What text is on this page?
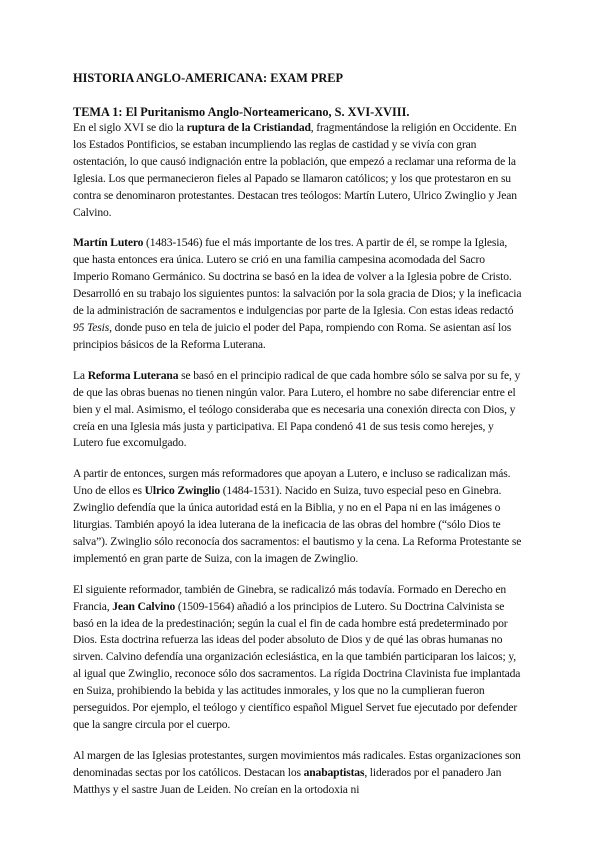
HISTORIA ANGLO-AMERICANA: EXAM PREP
TEMA 1: El Puritanismo Anglo-Norteamericano, S. XVI-XVIII.

En el siglo XVI se dio la ruptura de la Cristiandad, fragmentándose la religión en Occidente. En los Estados Pontificios, se estaban incumpliendo las reglas de castidad y se vivía con gran ostentación, lo que causó indignación entre la población, que empezó a reclamar una reforma de la Iglesia. Los que permanecieron fieles al Papado se llamaron católicos; y los que protestaron en su contra se denominaron protestantes. Destacan tres teólogos: Martín Lutero, Ulrico Zwinglio y Jean Calvino.

Martín Lutero (1483-1546) fue el más importante de los tres. A partir de él, se rompe la Iglesia, que hasta entonces era única. Lutero se crió en una familia campesina acomodada del Sacro Imperio Romano Germánico. Su doctrina se basó en la idea de volver a la Iglesia pobre de Cristo. Desarrolló en su trabajo los siguientes puntos: la salvación por la sola gracia de Dios; y la ineficacia de la administración de sacramentos e indulgencias por parte de la Iglesia. Con estas ideas redactó 95 Tesis, donde puso en tela de juicio el poder del Papa, rompiendo con Roma. Se asientan así los principios básicos de la Reforma Luterana.

La Reforma Luterana se basó en el principio radical de que cada hombre sólo se salva por su fe, y de que las obras buenas no tienen ningún valor. Para Lutero, el hombre no sabe diferenciar entre el bien y el mal. Asimismo, el teólogo consideraba que es necesaria una conexión directa con Dios, y creía en una Iglesia más justa y participativa. El Papa condenó 41 de sus tesis como herejes, y Lutero fue excomulgado.

A partir de entonces, surgen más reformadores que apoyan a Lutero, e incluso se radicalizan más. Uno de ellos es Ulrico Zwinglio (1484-1531). Nacido en Suiza, tuvo especial peso en Ginebra. Zwinglio defendía que la única autoridad está en la Biblia, y no en el Papa ni en las imágenes o liturgias. También apoyó la idea luterana de la ineficacia de las obras del hombre (“sólo Dios te salva”). Zwinglio sólo reconocía dos sacramentos: el bautismo y la cena. La Reforma Protestante se implementó en gran parte de Suiza, con la imagen de Zwinglio.

El siguiente reformador, también de Ginebra, se radicalizó más todavía. Formado en Derecho en Francia, Jean Calvino (1509-1564) añadió a los principios de Lutero. Su Doctrina Calvinista se basó en la idea de la predestinación; según la cual el fin de cada hombre está predeterminado por Dios. Esta doctrina refuerza las ideas del poder absoluto de Dios y de qué las obras humanas no sirven. Calvino defendía una organización eclesiástica, en la que también participaran los laicos; y, al igual que Zwinglio, reconoce sólo dos sacramentos. La rígida Doctrina Clavinista fue implantada en Suiza, prohibiendo la bebida y las actitudes inmorales, y los que no la cumplieran fueron perseguidos. Por ejemplo, el teólogo y científico español Miguel Servet fue ejecutado por defender que la sangre circula por el cuerpo.

Al margen de las Iglesias protestantes, surgen movimientos más radicales. Estas organizaciones son denominadas sectas por los católicos. Destacan los anabaptistas, liderados por el panadero Jan Matthys y el sastre Juan de Leiden. No creían en la ortodoxia ni
